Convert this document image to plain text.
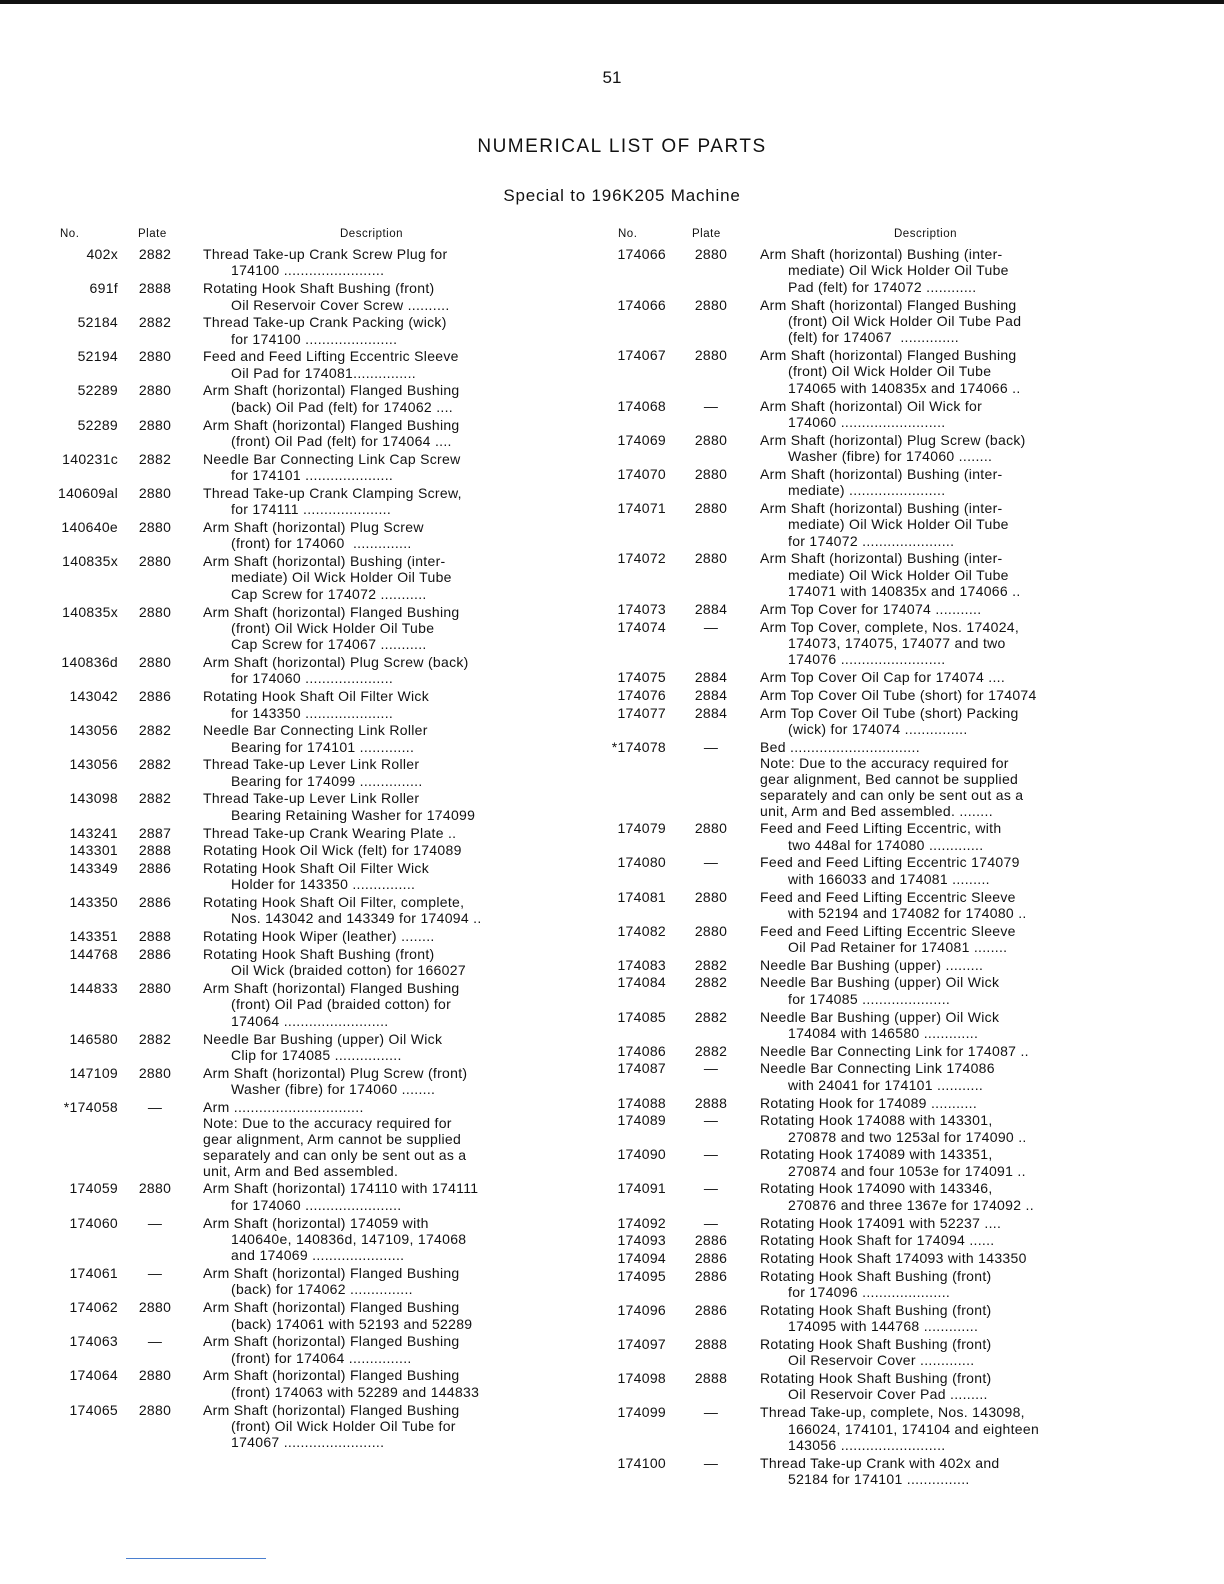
51
NUMERICAL LIST OF PARTS
Special to 196K205 Machine
No.	Plate	Description
402x	2882	Thread Take-up Crank Screw Plug for
174100 ........................
691f	2888	Rotating Hook Shaft Bushing (front)
Oil Reservoir Cover Screw ..........
52184	2882	Thread Take-up Crank Packing (wick)
for 174100 ......................
52194	2880	Feed and Feed Lifting Eccentric Sleeve
Oil Pad for 174081...............
52289	2880	Arm Shaft (horizontal) Flanged Bushing
(back) Oil Pad (felt) for 174062 ....
52289	2880	Arm Shaft (horizontal) Flanged Bushing
(front) Oil Pad (felt) for 174064 ....
140231c	2882	Needle Bar Connecting Link Cap Screw
for 174101 .....................
140609al	2880	Thread Take-up Crank Clamping Screw,
for 174111 .....................
140640e	2880	Arm Shaft (horizontal) Plug Screw
(front) for 174060  ..............
140835x	2880	Arm Shaft (horizontal) Bushing (inter-
mediate) Oil Wick Holder Oil Tube
Cap Screw for 174072 ...........
140835x	2880	Arm Shaft (horizontal) Flanged Bushing
(front) Oil Wick Holder Oil Tube
Cap Screw for 174067 ...........
140836d	2880	Arm Shaft (horizontal) Plug Screw (back)
for 174060 .....................
143042	2886	Rotating Hook Shaft Oil Filter Wick
for 143350 .....................
143056	2882	Needle Bar Connecting Link Roller
Bearing for 174101 .............
143056	2882	Thread Take-up Lever Link Roller
Bearing for 174099 ...............
143098	2882	Thread Take-up Lever Link Roller
Bearing Retaining Washer for 174099
143241	2887	Thread Take-up Crank Wearing Plate ..
143301	2888	Rotating Hook Oil Wick (felt) for 174089
143349	2886	Rotating Hook Shaft Oil Filter Wick
Holder for 143350 ...............
143350	2886	Rotating Hook Shaft Oil Filter, complete,
Nos. 143042 and 143349 for 174094 ..
143351	2888	Rotating Hook Wiper (leather) ........
144768	2886	Rotating Hook Shaft Bushing (front)
Oil Wick (braided cotton) for 166027
144833	2880	Arm Shaft (horizontal) Flanged Bushing
(front) Oil Pad (braided cotton) for
174064 .........................
146580	2882	Needle Bar Bushing (upper) Oil Wick
Clip for 174085 ................
147109	2880	Arm Shaft (horizontal) Plug Screw (front)
Washer (fibre) for 174060 ........
*174058	—	Arm ...............................
Note: Due to the accuracy required for
gear alignment, Arm cannot be supplied
separately and can only be sent out as a
unit, Arm and Bed assembled.
174059	2880	Arm Shaft (horizontal) 174110 with 174111
for 174060 .......................
174060	—	Arm Shaft (horizontal) 174059 with
140640e, 140836d, 147109, 174068
and 174069 ......................
174061	—	Arm Shaft (horizontal) Flanged Bushing
(back) for 174062 ...............
174062	2880	Arm Shaft (horizontal) Flanged Bushing
(back) 174061 with 52193 and 52289
174063	—	Arm Shaft (horizontal) Flanged Bushing
(front) for 174064 ...............
174064	2880	Arm Shaft (horizontal) Flanged Bushing
(front) 174063 with 52289 and 144833
174065	2880	Arm Shaft (horizontal) Flanged Bushing
(front) Oil Wick Holder Oil Tube for
174067 ........................
No.	Plate	Description
174066	2880	Arm Shaft (horizontal) Bushing (inter-
mediate) Oil Wick Holder Oil Tube
Pad (felt) for 174072 ............
174066	2880	Arm Shaft (horizontal) Flanged Bushing
(front) Oil Wick Holder Oil Tube Pad
(felt) for 174067  ..............
174067	2880	Arm Shaft (horizontal) Flanged Bushing
(front) Oil Wick Holder Oil Tube
174065 with 140835x and 174066 ..
174068	—	Arm Shaft (horizontal) Oil Wick for
174060 .........................
174069	2880	Arm Shaft (horizontal) Plug Screw (back)
Washer (fibre) for 174060 ........
174070	2880	Arm Shaft (horizontal) Bushing (inter-
mediate) .......................
174071	2880	Arm Shaft (horizontal) Bushing (inter-
mediate) Oil Wick Holder Oil Tube
for 174072 ......................
174072	2880	Arm Shaft (horizontal) Bushing (inter-
mediate) Oil Wick Holder Oil Tube
174071 with 140835x and 174066 ..
174073	2884	Arm Top Cover for 174074 ...........
174074	—	Arm Top Cover, complete, Nos. 174024,
174073, 174075, 174077 and two
174076 .........................
174075	2884	Arm Top Cover Oil Cap for 174074 ....
174076	2884	Arm Top Cover Oil Tube (short) for 174074
174077	2884	Arm Top Cover Oil Tube (short) Packing
(wick) for 174074 ...............
*174078	—	Bed ...............................
Note: Due to the accuracy required for
gear alignment, Bed cannot be supplied
separately and can only be sent out as a
unit, Arm and Bed assembled. ........
174079	2880	Feed and Feed Lifting Eccentric, with
two 448al for 174080 .............
174080	—	Feed and Feed Lifting Eccentric 174079
with 166033 and 174081 .........
174081	2880	Feed and Feed Lifting Eccentric Sleeve
with 52194 and 174082 for 174080 ..
174082	2880	Feed and Feed Lifting Eccentric Sleeve
Oil Pad Retainer for 174081 ........
174083	2882	Needle Bar Bushing (upper) .........
174084	2882	Needle Bar Bushing (upper) Oil Wick
for 174085 .....................
174085	2882	Needle Bar Bushing (upper) Oil Wick
174084 with 146580 .............
174086	2882	Needle Bar Connecting Link for 174087 ..
174087	—	Needle Bar Connecting Link 174086
with 24041 for 174101 ...........
174088	2888	Rotating Hook for 174089 ...........
174089	—	Rotating Hook 174088 with 143301,
270878 and two 1253al for 174090 ..
174090	—	Rotating Hook 174089 with 143351,
270874 and four 1053e for 174091 ..
174091	—	Rotating Hook 174090 with 143346,
270876 and three 1367e for 174092 ..
174092	—	Rotating Hook 174091 with 52237 ....
174093	2886	Rotating Hook Shaft for 174094 ......
174094	2886	Rotating Hook Shaft 174093 with 143350
174095	2886	Rotating Hook Shaft Bushing (front)
for 174096 .....................
174096	2886	Rotating Hook Shaft Bushing (front)
174095 with 144768 .............
174097	2888	Rotating Hook Shaft Bushing (front)
Oil Reservoir Cover .............
174098	2888	Rotating Hook Shaft Bushing (front)
Oil Reservoir Cover Pad .........
174099	—	Thread Take-up, complete, Nos. 143098,
166024, 174101, 174104 and eighteen
143056 .........................
174100	—	Thread Take-up Crank with 402x and
52184 for 174101 ...............
